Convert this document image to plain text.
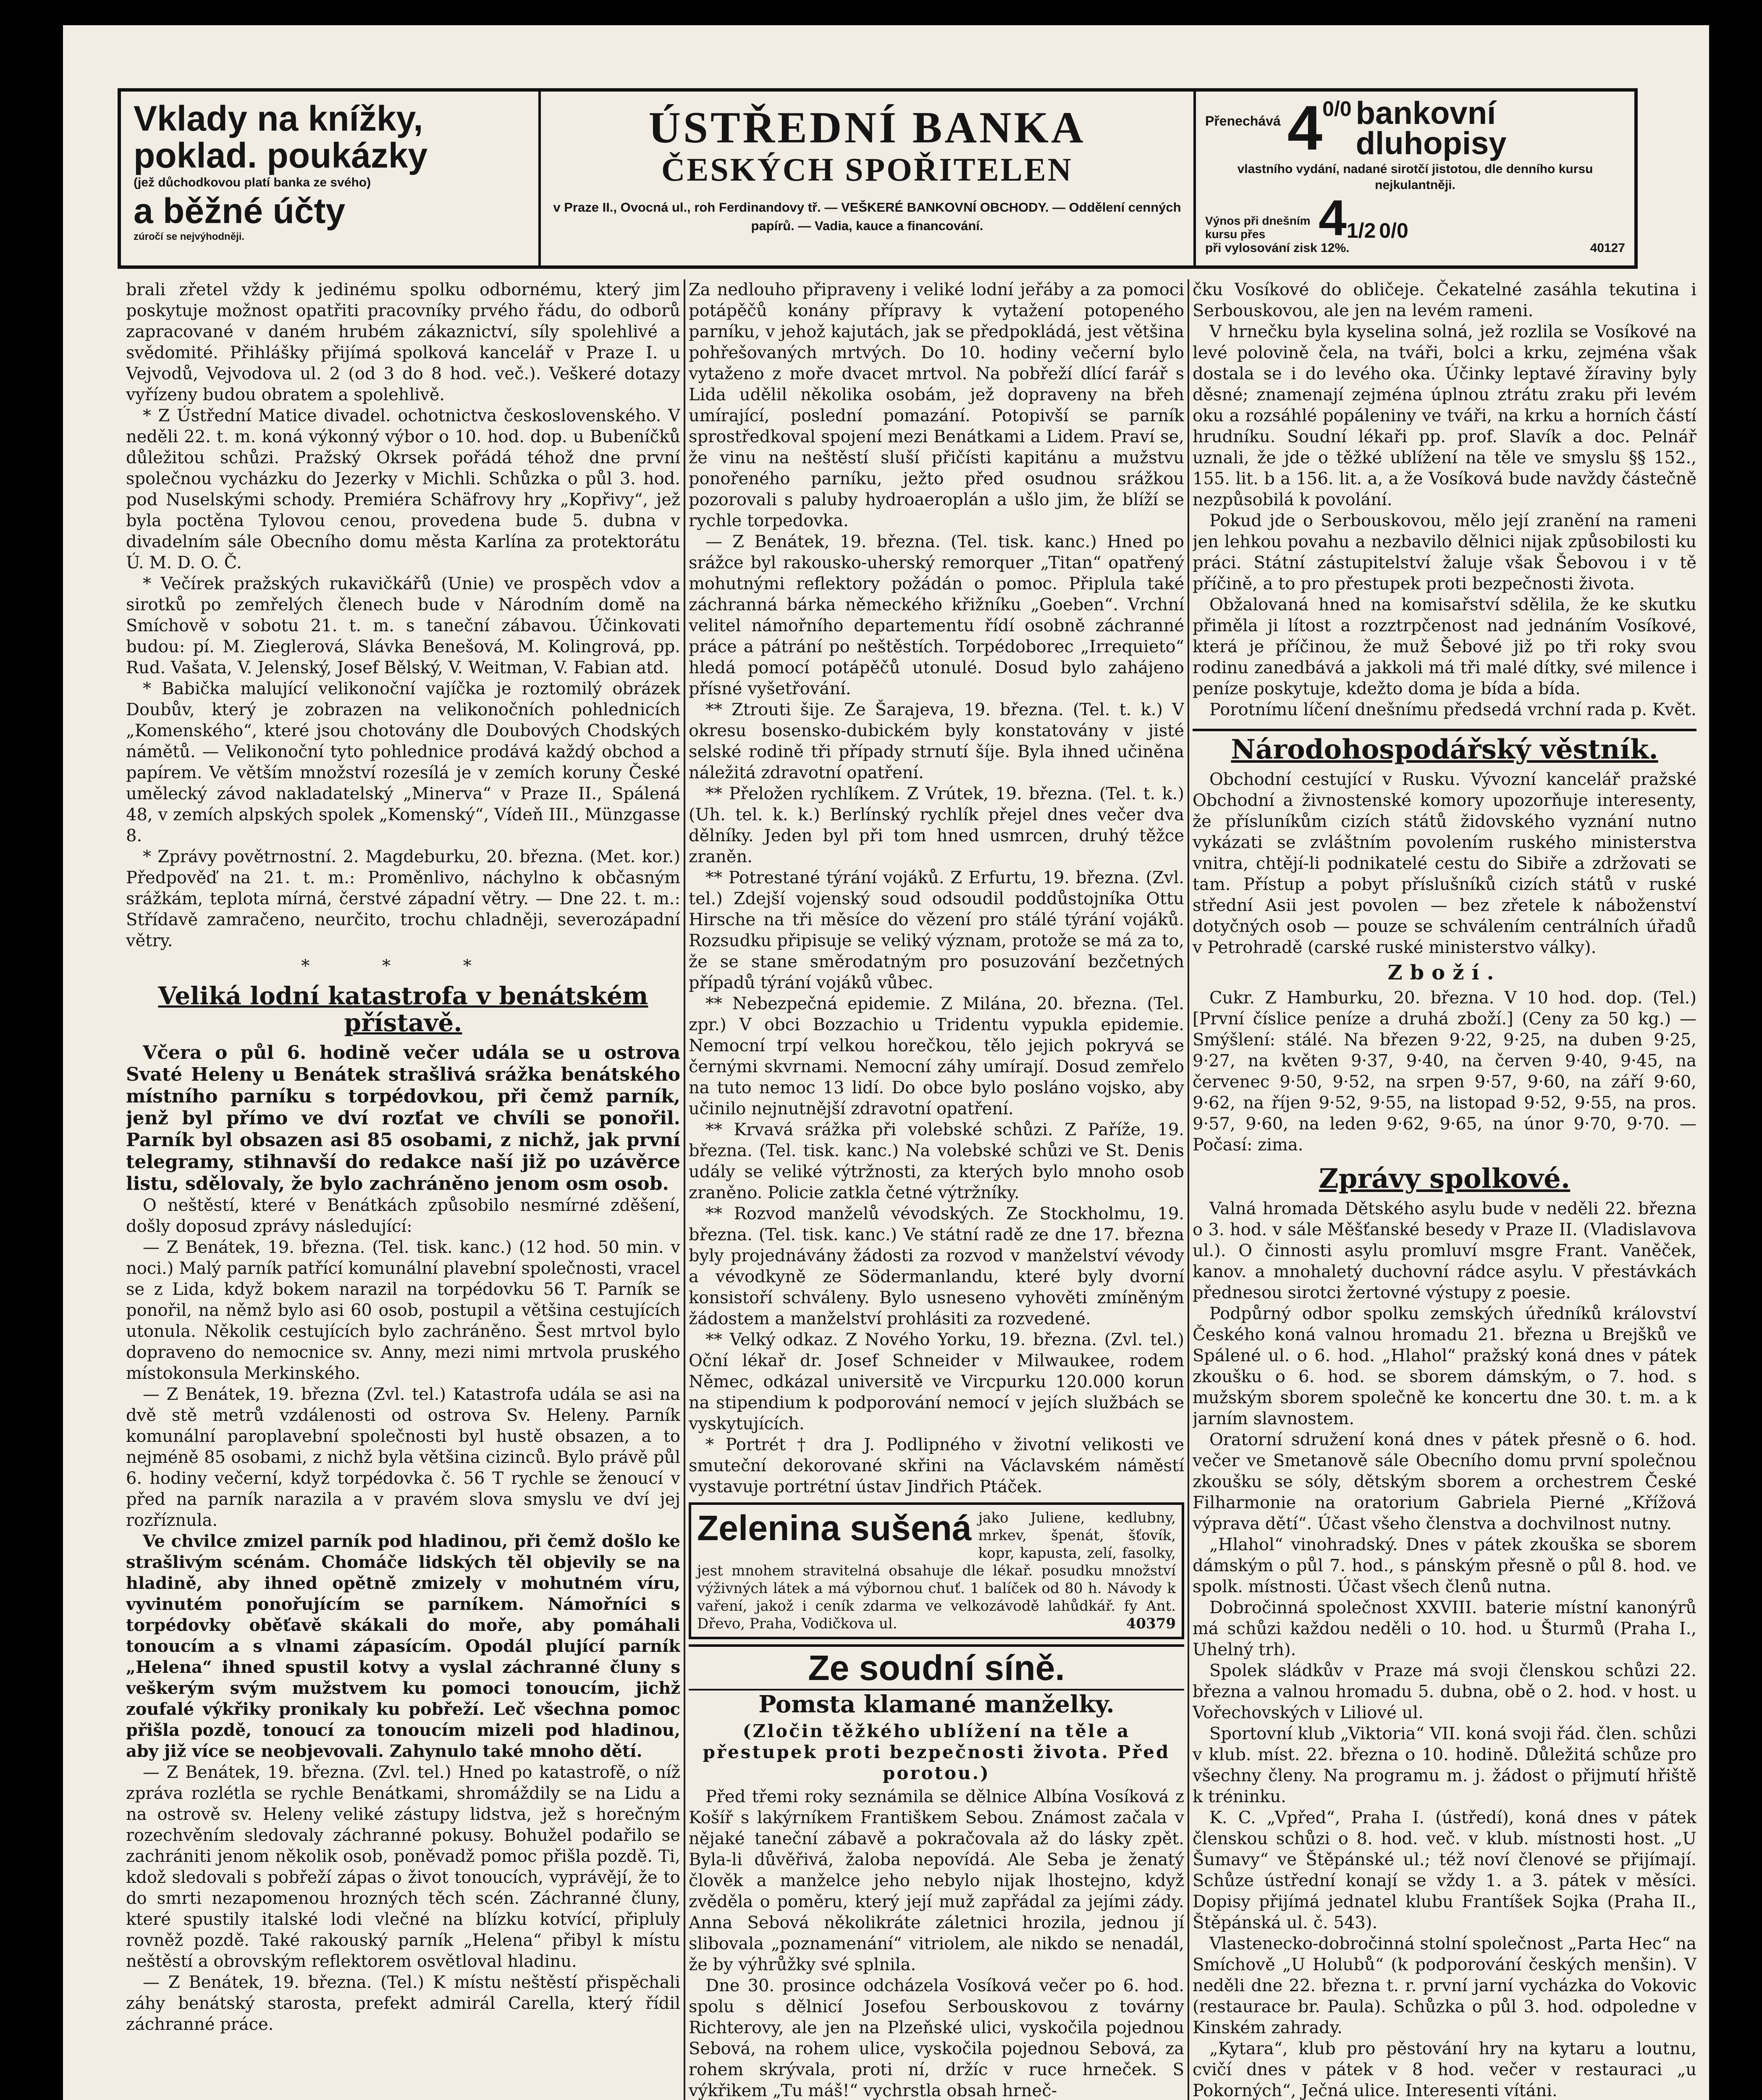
Vklady na knížky,
poklad. poukázky
(jež důchodkovou platí banka ze svého)
a běžné účty
zúročí se nejvýhodněji.
ÚSTŘEDNÍ BANKA
ČESKÝCH SPOŘITELEN
v Praze II., Ovocná ul., roh Ferdinandovy tř. — VEŠKERÉ BANKOVNÍ OBCHODY. — Oddělení cenných papírů. — Vadia, kauce a financování.
Přenechává 4 0/0 bankovní
dluhopisy
vlastního vydání, nadané sirotčí jistotou, dle denního kursu nejkulantněji.
Výnos při dnešním kursu přes	4 1/2 0/0
při vylosování zisk 12%.	40127

brali zřetel vždy k jedinému spolku odbornému, který jim poskytuje možnost opatřiti pracovníky prvého řádu, do odborů zapracované v daném hrubém zákaznictví, síly spolehlivé a svědomité. Přihlášky přijímá spolková kancelář v Praze I. u Vejvodů, Vejvodova ul. 2 (od 3 do 8 hod. več.). Veškeré dotazy vyřízeny budou obratem a spolehlivě.

* Z Ústřední Matice divadel. ochotnictva československého. V neděli 22. t. m. koná výkonný výbor o 10. hod. dop. u Bubeníčků důležitou schůzi. Pražský Okrsek pořádá téhož dne první společnou vycházku do Jezerky v Michli. Schůzka o půl 3. hod. pod Nuselskými schody. Premiéra Schäfrovy hry „Kopřivy“, jež byla poctěna Tylovou cenou, provedena bude 5. dubna v divadelním sále Obecního domu města Karlína za protektorátu Ú. M. D. O. Č.

* Večírek pražských rukavičkářů (Unie) ve prospěch vdov a sirotků po zemřelých členech bude v Národním domě na Smíchově v sobotu 21. t. m. s taneční zábavou. Účinkovati budou: pí. M. Zieglerová, Slávka Benešová, M. Kolingrová, pp. Rud. Vašata, V. Jelenský, Josef Bělský, V. Weitman, V. Fabian atd.

* Babička malující velikonoční vajíčka je roztomilý obrázek Doubův, který je zobrazen na velikonočních pohlednicích „Komenského“, které jsou chotovány dle Doubových Chodských námětů. — Velikonoční tyto pohlednice prodává každý obchod a papírem. Ve větším množství rozesílá je v zemích koruny České umělecký závod nakladatelský „Minerva“ v Praze II., Spálená 48, v zemích alpských spolek „Komenský“, Vídeň III., Münzgasse 8.

* Zprávy povětrnostní. 2. Magdeburku, 20. března. (Met. kor.) Předpověď na 21. t. m.: Proměnlivo, náchylno k občasným srážkám, teplota mírná, čerstvé západní větry. — Dne 22. t. m.: Střídavě zamračeno, neurčito, trochu chladněji, severozápadní větry.

* * *
Veliká lodní katastrofa v benátském přístavě.

Včera o půl 6. hodině večer udála se u ostrova Svaté Heleny u Benátek strašlivá srážka benátského místního parníku s torpédovkou, při čemž parník, jenž byl přímo ve dví rozťat ve chvíli se ponořil. Parník byl obsazen asi 85 osobami, z nichž, jak první telegramy, stihnavší do redakce naší již po uzávěrce listu, sdělovaly, že bylo zachráněno jenom osm osob.

O neštěstí, které v Benátkách způsobilo nesmírné zděšení, došly doposud zprávy následující:

— Z Benátek, 19. března. (Tel. tisk. kanc.) (12 hod. 50 min. v noci.) Malý parník patřící komunální plavební společnosti, vracel se z Lida, když bokem narazil na torpédovku 56 T. Parník se ponořil, na němž bylo asi 60 osob, postupil a většina cestujících utonula. Několik cestujících bylo zachráněno. Šest mrtvol bylo dopraveno do nemocnice sv. Anny, mezi nimi mrtvola pruského místokonsula Merkinského.

— Z Benátek, 19. března (Zvl. tel.) Katastrofa udála se asi na dvě stě metrů vzdálenosti od ostrova Sv. Heleny. Parník komunální paroplavební společnosti byl hustě obsazen, a to nejméně 85 osobami, z nichž byla většina cizinců. Bylo právě půl 6. hodiny večerní, když torpédovka č. 56 T rychle se ženoucí v před na parník narazila a v pravém slova smyslu ve dví jej rozříznula.

Ve chvilce zmizel parník pod hladinou, při čemž došlo ke strašlivým scénám. Chomáče lidských těl objevily se na hladině, aby ihned opětně zmizely v mohutném víru, vyvinutém ponořujícím se parníkem. Námořníci s torpédovky oběťavě skákali do moře, aby pomáhali tonoucím a s vlnami zápasícím. Opodál plující parník „Helena“ ihned spustil kotvy a vyslal záchranné čluny s veškerým svým mužstvem ku pomoci tonoucím, jichž zoufalé výkřiky pronikaly ku pobřeží. Leč všechna pomoc přišla pozdě, tonoucí za tonoucím mizeli pod hladinou, aby již více se neobjevovali. Zahynulo také mnoho dětí.

— Z Benátek, 19. března. (Zvl. tel.) Hned po katastrofě, o níž zpráva rozlétla se rychle Benátkami, shromáždily se na Lidu a na ostrově sv. Heleny veliké zástupy lidstva, jež s horečným rozechvěním sledovaly záchranné pokusy. Bohužel podařilo se zachrániti jenom několik osob, poněvadž pomoc přišla pozdě. Ti, kdož sledovali s pobřeží zápas o život tonoucích, vyprávějí, že to do smrti nezapomenou hrozných těch scén. Záchranné čluny, které spustily italské lodi vlečné na blízku kotvící, připluly rovněž pozdě. Také rakouský parník „Helena“ přibyl k místu neštěstí a obrovským reflektorem osvětloval hladinu.

— Z Benátek, 19. března. (Tel.) K místu neštěstí přispěchali záhy benátský starosta, prefekt admirál Carella, který řídil záchranné práce.

Za nedlouho připraveny i veliké lodní jeřáby a za pomoci potápěčů konány přípravy k vytažení potopeného parníku, v jehož kajutách, jak se předpokládá, jest většina pohřešovaných mrtvých. Do 10. hodiny večerní bylo vytaženo z moře dvacet mrtvol. Na pobřeží dlící farář s Lida udělil několika osobám, jež dopraveny na břeh umírající, poslední pomazání. Potopivší se parník sprostředkoval spojení mezi Benátkami a Lidem. Praví se, že vinu na neštěstí sluší přičísti kapitánu a mužstvu ponořeného parníku, ježto před osudnou srážkou pozorovali s paluby hydroaeroplán a ušlo jim, že blíží se rychle torpedovka.

— Z Benátek, 19. března. (Tel. tisk. kanc.) Hned po srážce byl rakousko-uherský remorquer „Titan“ opatřený mohutnými reflektory požádán o pomoc. Připlula také záchranná bárka německého křižníku „Goeben“. Vrchní velitel námořního departementu řídí osobně záchranné práce a pátrání po neštěstích. Torpédoborec „Irrequieto“ hledá pomocí potápěčů utonulé. Dosud bylo zahájeno přísné vyšetřování.

** Ztrouti šije. Ze Šarajeva, 19. března. (Tel. t. k.) V okresu bosensko-dubickém byly konstatovány v jisté selské rodině tři případy strnutí šíje. Byla ihned učiněna náležitá zdravotní opatření.

** Přeložen rychlíkem. Z Vrútek, 19. března. (Tel. t. k.) (Uh. tel. k. k.) Berlínský rychlík přejel dnes večer dva dělníky. Jeden byl při tom hned usmrcen, druhý těžce zraněn.

** Potrestané týrání vojáků. Z Erfurtu, 19. března. (Zvl. tel.) Zdejší vojenský soud odsoudil poddůstojníka Ottu Hirsche na tři měsíce do vězení pro stálé týrání vojáků. Rozsudku připisuje se veliký význam, protože se má za to, že se stane směrodatným pro posuzování bezčetných případů týrání vojáků vůbec.

** Nebezpečná epidemie. Z Milána, 20. března. (Tel. zpr.) V obci Bozzachio u Tridentu vypukla epidemie. Nemocní trpí velkou horečkou, tělo jejich pokryvá se černými skvrnami. Nemocní záhy umírají. Dosud zemřelo na tuto nemoc 13 lidí. Do obce bylo posláno vojsko, aby učinilo nejnutnější zdravotní opatření.

** Krvavá srážka při volebské schůzi. Z Paříže, 19. března. (Tel. tisk. kanc.) Na volebské schůzi ve St. Denis udály se veliké výtržnosti, za kterých bylo mnoho osob zraněno. Policie zatkla četné výtržníky.

** Rozvod manželů vévodských. Ze Stockholmu, 19. března. (Tel. tisk. kanc.) Ve státní radě ze dne 17. března byly projednávány žádosti za rozvod v manželství vévody a vévodkyně ze Södermanlandu, které byly dvorní konsistoří schváleny. Bylo usneseno vyhověti zmíněným žádostem a manželství prohlásiti za rozvedené.

** Velký odkaz. Z Nového Yorku, 19. března. (Zvl. tel.) Oční lékař dr. Josef Schneider v Milwaukee, rodem Němec, odkázal universitě ve Vircpurku 120.000 korun na stipendium k podporování nemocí v jejích službách se vyskytujících.

* Portrét † dra J. Podlipného v životní velikosti ve smuteční dekorované skřini na Václavském náměstí vystavuje portrétní ústav Jindřich Ptáček.

Zelenina sušená jako Juliene, kedlubny, mrkev, špenát, šťovík, kopr, kapusta, zelí, fasolky, jest mnohem stravitelná obsahuje dle lékař. posudku množství výživných látek a má výbornou chuť. 1 balíček od 80 h. Návody k vaření, jakož i ceník zdarma ve velkozávodě lahůdkář. fy Ant. Dřevo, Praha, Vodičkova ul.	40379
Ze soudní síně.
Pomsta klamané manželky.
(Zločin těžkého ublížení na těle a přestupek proti bezpečnosti života. Před porotou.)

Před třemi roky seznámila se dělnice Albína Vosíková z Košíř s lakýrníkem Františkem Sebou. Známost začala v nějaké taneční zábavě a pokračovala až do lásky zpět. Byla-li důvěřivá, žaloba nepovídá. Ale Seba je ženatý člověk a manželce jeho nebylo nijak lhostejno, když zvěděla o poměru, který její muž zapřádal za jejími zády. Anna Sebová několikráte záletnici hrozila, jednou jí slibovala „poznamenání“ vitriolem, ale nikdo se nenadál, že by výhrůžky své splnila.

Dne 30. prosince odcházela Vosíková večer po 6. hod. spolu s dělnicí Josefou Serbouskovou z továrny Richterovy, ale jen na Plzeňské ulici, vyskočila pojednou Sebová, na rohem ulice, vyskočila pojednou Sebová, za rohem skrývala, proti ní, držíc v ruce hrneček. S výkřikem „Tu máš!“ vychrstla obsah hrneč-

čku Vosíkové do obličeje. Čekatelné zasáhla tekutina i Serbouskovou, ale jen na levém rameni.

V hrnečku byla kyselina solná, jež rozlila se Vosíkové na levé polovině čela, na tváři, bolci a krku, zejména však dostala se i do levého oka. Účinky leptavé žíraviny byly děsné; znamenají zejména úplnou ztrátu zraku při levém oku a rozsáhlé popáleniny ve tváři, na krku a horních částí hrudníku. Soudní lékaři pp. prof. Slavík a doc. Pelnář uznali, že jde o těžké ublížení na těle ve smyslu §§ 152., 155. lit. b a 156. lit. a, a že Vosíková bude navždy částečně nezpůsobilá k povolání.

Pokud jde o Serbouskovou, mělo její zranění na rameni jen lehkou povahu a nezbavilo dělnici nijak způsobilosti ku práci. Státní zástupitelství žaluje však Šebovou i v tě příčině, a to pro přestupek proti bezpečnosti života.

Obžalovaná hned na komisařství sdělila, že ke skutku přiměla ji lítost a rozztrpčenost nad jednáním Vosíkové, která je příčinou, že muž Šebové již po tři roky svou rodinu zanedbává a jakkoli má tři malé dítky, své milence i peníze poskytuje, kdežto doma je bída a bída.

Porotnímu líčení dnešnímu předsedá vrchní rada p. Květ.

Národohospodářský věstník.

Obchodní cestující v Rusku. Vývozní kancelář pražské Obchodní a živnostenské komory upozorňuje interesenty, že přísluníkům cizích států židovského vyznání nutno vykázati se zvláštním povolením ruského ministerstva vnitra, chtějí-li podnikatelé cestu do Sibiře a zdržovati se tam. Přístup a pobyt příslušníků cizích států v ruské střední Asii jest povolen — bez zřetele k náboženství dotyčných osob — pouze se schválením centrálních úřadů v Petrohradě (carské ruské ministerstvo války).

Zboží.

Cukr. Z Hamburku, 20. března. V 10 hod. dop. (Tel.) [První číslice peníze a druhá zboží.] (Ceny za 50 kg.) — Smýšlení: stálé. Na březen 9·22, 9·25, na duben 9·25, 9·27, na květen 9·37, 9·40, na červen 9·40, 9·45, na červenec 9·50, 9·52, na srpen 9·57, 9·60, na září 9·60, 9·62, na říjen 9·52, 9·55, na listopad 9·52, 9·55, na pros. 9·57, 9·60, na leden 9·62, 9·65, na únor 9·70, 9·70. — Počasí: zima.

Zprávy spolkové.

Valná hromada Dětského asylu bude v neděli 22. března o 3. hod. v sále Měšťanské besedy v Praze II. (Vladislavova ul.). O činnosti asylu promluví msgre Frant. Vaněček, kanov. a mnohaletý duchovní rádce asylu. V přestávkách přednesou sirotci žertovné výstupy z poesie.

Podpůrný odbor spolku zemských úředníků království Českého koná valnou hromadu 21. března u Brejšků ve Spálené ul. o 6. hod. „Hlahol“ pražský koná dnes v pátek zkoušku o 6. hod. se sborem dámským, o 7. hod. s mužským sborem společně ke koncertu dne 30. t. m. a k jarním slavnostem.

Oratorní sdružení koná dnes v pátek přesně o 6. hod. večer ve Smetanově sále Obecního domu první společnou zkoušku se sóly, dětským sborem a orchestrem České Filharmonie na oratorium Gabriela Pierné „Křížová výprava dětí“. Účast všeho členstva a dochvilnost nutny.

„Hlahol“ vinohradský. Dnes v pátek zkouška se sborem dámským o půl 7. hod., s pánským přesně o půl 8. hod. ve spolk. místnosti. Účast všech členů nutna.

Dobročinná společnost XXVIII. baterie místní kanonýrů má schůzi každou neděli o 10. hod. u Šturmů (Praha I., Uhelný trh).

Spolek sládkův v Praze má svoji členskou schůzi 22. března a valnou hromadu 5. dubna, obě o 2. hod. v host. u Vořechovských v Liliové ul.

Sportovní klub „Viktoria“ VII. koná svoji řád. člen. schůzi v klub. míst. 22. března o 10. hodině. Důležitá schůze pro všechny členy. Na programu m. j. žádost o přijmutí hřiště k tréninku.

K. C. „Vpřed“, Praha I. (ústředí), koná dnes v pátek členskou schůzi o 8. hod. več. v klub. místnosti host. „U Šumavy“ ve Štěpánské ul.; též noví členové se přijímají. Schůze ústřední konají se vždy 1. a 3. pátek v měsíci. Dopisy přijímá jednatel klubu Frantíšek Sojka (Praha II., Štěpánská ul. č. 543).

Vlastenecko-dobročinná stolní společnost „Parta Hec“ na Smíchově „U Holubů“ (k podporování českých menšin). V neděli dne 22. března t. r. první jarní vycházka do Vokovic (restaurace br. Paula). Schůzka o půl 3. hod. odpoledne v Kinském zahrady.

„Kytara“, klub pro pěstování hry na kytaru a loutnu, cvičí dnes v pátek v 8 hod. večer v restauraci „u Pokorných“, Ječná ulice. Interesenti vítáni.
